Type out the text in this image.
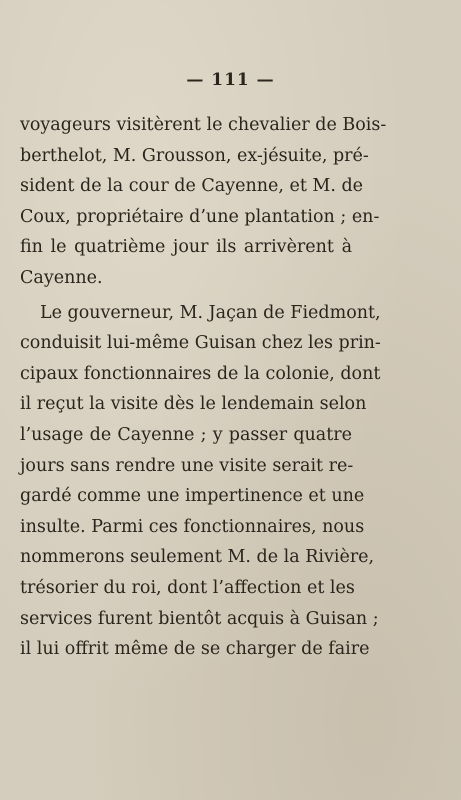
— 111 —
voyageurs visitèrent le chevalier de Bois-
berthelot, M. Grousson, ex-jésuite, pré-
sident de la cour de Cayenne, et M. de
Coux, propriétaire d’une plantation ; en-
fin le quatrième jour ils arrivèrent à
Cayenne.
Le gouverneur, M. Jaçan de Fiedmont,
conduisit lui-même Guisan chez les prin-
cipaux fonctionnaires de la colonie, dont
il reçut la visite dès le lendemain selon
l’usage de Cayenne ; y passer quatre
jours sans rendre une visite serait re-
gardé comme une impertinence et une
insulte. Parmi ces fonctionnaires, nous
nommerons seulement M. de la Rivière,
trésorier du roi, dont l’affection et les
services furent bientôt acquis à Guisan ;
il lui offrit même de se charger de faire
